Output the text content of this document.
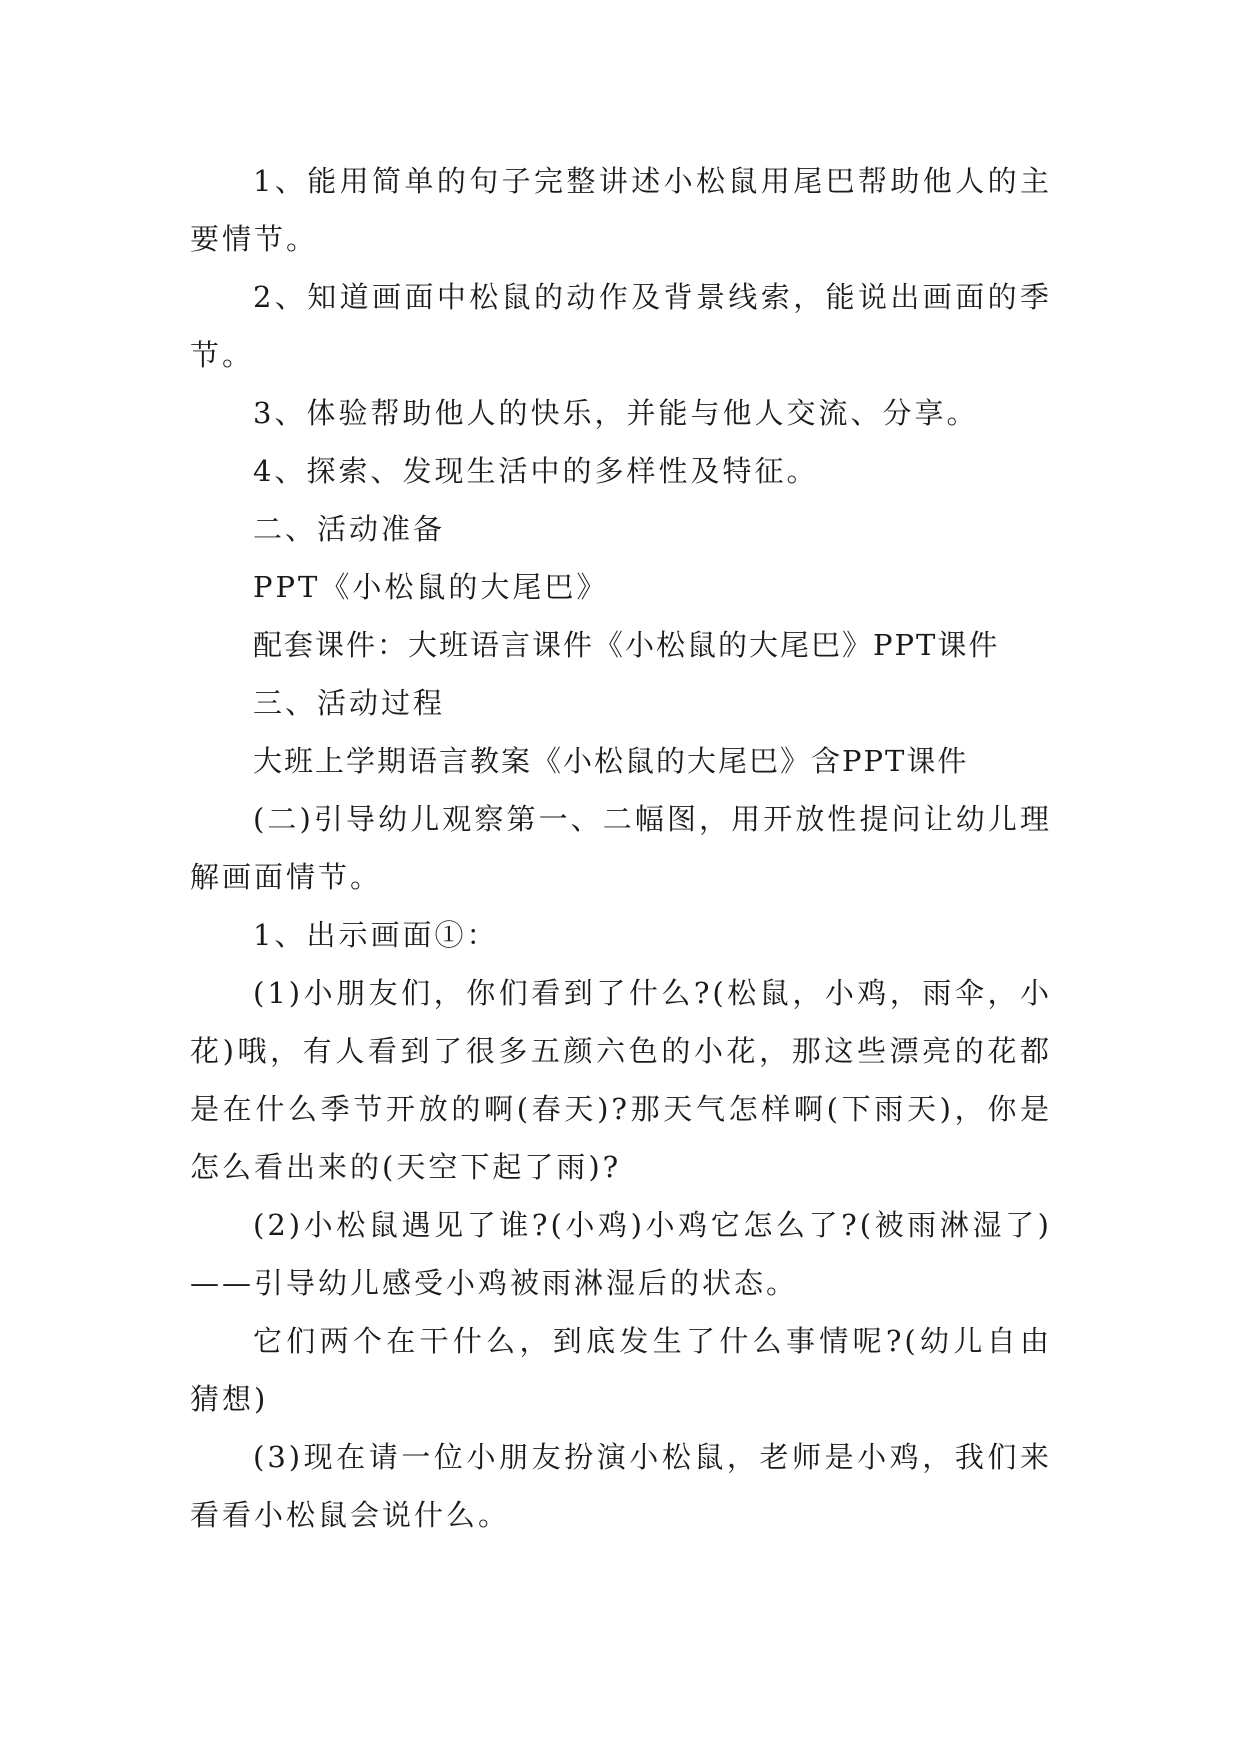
1、能用简单的句子完整讲述小松鼠用尾巴帮助他人的主要情节。

2、知道画面中松鼠的动作及背景线索，能说出画面的季节。

3、体验帮助他人的快乐，并能与他人交流、分享。

4、探索、发现生活中的多样性及特征。

二、活动准备

PPT《小松鼠的大尾巴》

配套课件：大班语言课件《小松鼠的大尾巴》PPT课件

三、活动过程

大班上学期语言教案《小松鼠的大尾巴》含PPT课件

(二)引导幼儿观察第一、二幅图，用开放性提问让幼儿理解画面情节。

1、出示画面①：

(1)小朋友们，你们看到了什么?(松鼠，小鸡，雨伞，小花)哦，有人看到了很多五颜六色的小花，那这些漂亮的花都是在什么季节开放的啊(春天)?那天气怎样啊(下雨天)，你是怎么看出来的(天空下起了雨)?

(2)小松鼠遇见了谁?(小鸡)小鸡它怎么了?(被雨淋湿了)——引导幼儿感受小鸡被雨淋湿后的状态。

它们两个在干什么，到底发生了什么事情呢?(幼儿自由猜想)

(3)现在请一位小朋友扮演小松鼠，老师是小鸡，我们来看看小松鼠会说什么。
